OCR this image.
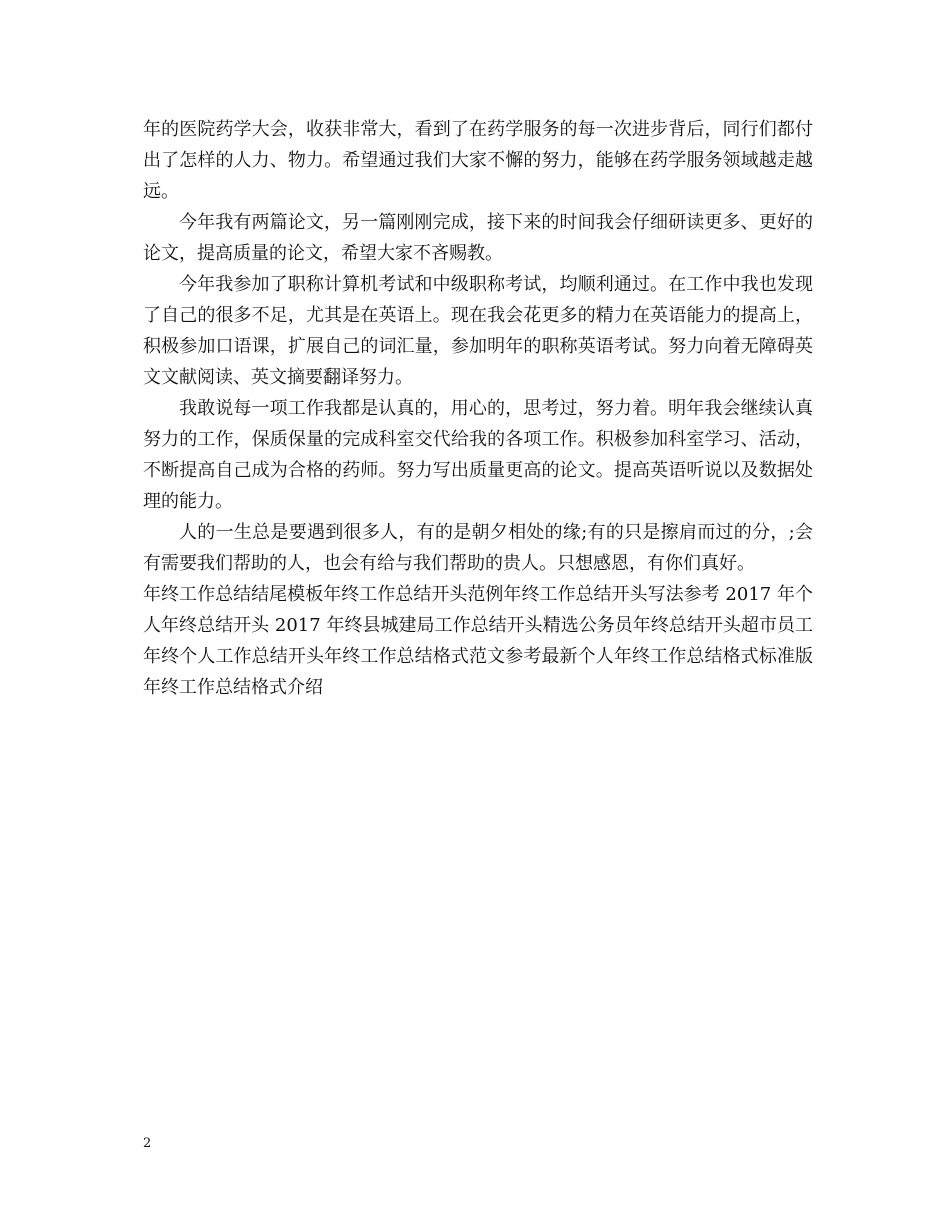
年的医院药学大会，收获非常大，看到了在药学服务的每一次进步背后，同行们都付出了怎样的人力、物力。希望通过我们大家不懈的努力，能够在药学服务领域越走越远。

今年我有两篇论文，另一篇刚刚完成，接下来的时间我会仔细研读更多、更好的论文，提高质量的论文，希望大家不吝赐教。

今年我参加了职称计算机考试和中级职称考试，均顺利通过。在工作中我也发现了自己的很多不足，尤其是在英语上。现在我会花更多的精力在英语能力的提高上，积极参加口语课，扩展自己的词汇量，参加明年的职称英语考试。努力向着无障碍英文文献阅读、英文摘要翻译努力。

我敢说每一项工作我都是认真的，用心的，思考过，努力着。明年我会继续认真努力的工作，保质保量的完成科室交代给我的各项工作。积极参加科室学习、活动，不断提高自己成为合格的药师。努力写出质量更高的论文。提高英语听说以及数据处理的能力。

人的一生总是要遇到很多人，有的是朝夕相处的缘;有的只是擦肩而过的分，;会有需要我们帮助的人，也会有给与我们帮助的贵人。只想感恩，有你们真好。

年终工作总结结尾模板年终工作总结开头范例年终工作总结开头写法参考 2017 年个人年终总结开头 2017 年终县城建局工作总结开头精选公务员年终总结开头超市员工年终个人工作总结开头年终工作总结格式范文参考最新个人年终工作总结格式标准版年终工作总结格式介绍

2
